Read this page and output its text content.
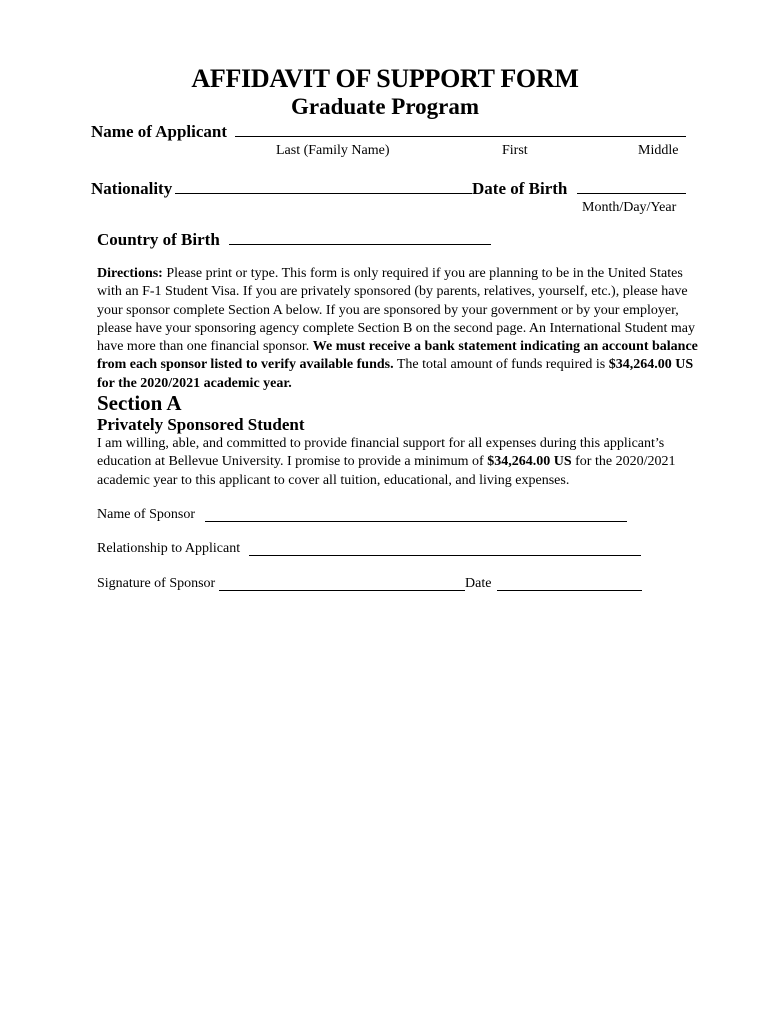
AFFIDAVIT OF SUPPORT FORM
Graduate Program
Name of Applicant
Last (Family Name)	First	Middle
Nationality	Date of Birth
Month/Day/Year
Country of Birth
Directions: Please print or type. This form is only required if you are planning to be in the United States with an F-1 Student Visa. If you are privately sponsored (by parents, relatives, yourself, etc.), please have your sponsor complete Section A below. If you are sponsored by your government or by your employer, please have your sponsoring agency complete Section B on the second page. An International Student may have more than one financial sponsor. We must receive a bank statement indicating an account balance from each sponsor listed to verify available funds. The total amount of funds required is $34,264.00 US for the 2020/2021 academic year.
Section A
Privately Sponsored Student
I am willing, able, and committed to provide financial support for all expenses during this applicant’s education at Bellevue University. I promise to provide a minimum of $34,264.00 US for the 2020/2021 academic year to this applicant to cover all tuition, educational, and living expenses.
Name of Sponsor
Relationship to Applicant
Signature of Sponsor	Date
